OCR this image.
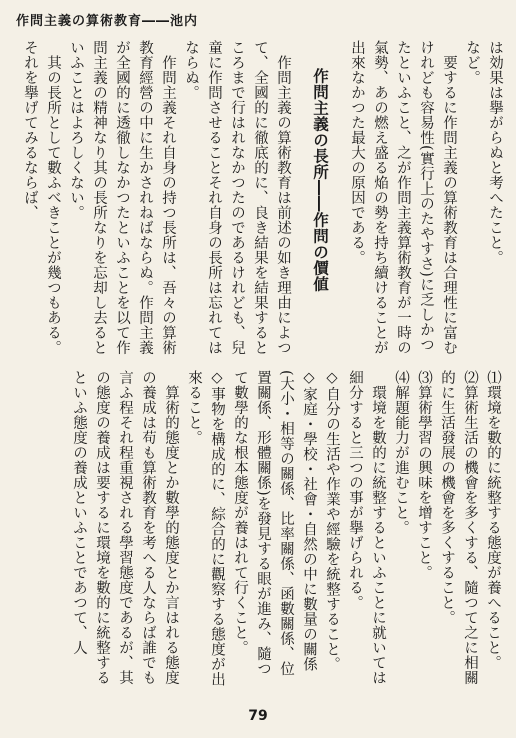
作問主義の算術教育――池内

は効果は擧がらぬと考へたこと。

など。

要するに作問主義の算術教育は合理性に富むけれども容易性(實行上のたやすさ)に乏しかつたといふこと、之が作問主義算術教育が一時の氣勢、あの燃え盛る焔の勢を持ち續けることが出來なかつた最大の原因である。

作問主義の長所――作問の價値

作問主義の算術教育は前述の如き理由によつて、全國的に徹底的に、良き結果を結果するところまで行はれなかつたのであるけれども、兒童に作問させることそれ自身の長所は忘れてはならぬ。

作問主義それ自身の持つ長所は、吾々の算術教育經營の中に生かされねばならぬ。作問主義が全國的に透徹しなかつたといふことを以て作問主義の精神なり其の長所なりを忘却し去るといふことはよろしくない。

其の長所として數ふべきことが幾つもある。それを擧げてみるならば、

⑴環境を數的に統整する態度が養へること。

⑵算術生活の機會を多くする、隨つて之に相關的に生活發展の機會を多くすること。

⑶算術學習の興味を增すこと。

⑷解題能力が進むこと。

環境を數的に統整するといふことに就いては細分すると三つの事が擧げられる。

◇自分の生活や作業や經驗を統整すること。

◇家庭・學校・社會・自然の中に數量の關係(大小・相等の關係、比率關係、函數關係、位置關係、形體關係)を發見する眼が進み、隨つて數學的な根本態度が養はれて行くこと。

◇事物を構成的に、綜合的に觀察する態度が出來ること。

算術的態度とか數學的態度とか言はれる態度の養成は苟も算術教育を考へる人ならば誰でも言ふ程それ程重視される學習態度であるが、其の態度の養成は要するに環境を數的に統整するといふ態度の養成といふことであつて、人

79
